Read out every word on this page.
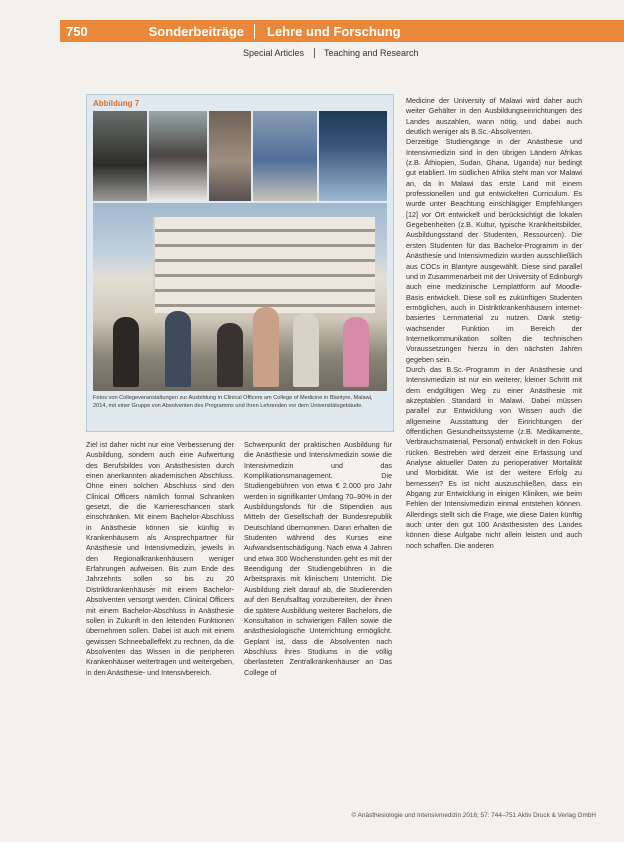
750	Sonderbeiträge	Lehre und Forschung
Special Articles	Teaching and Research
Abbildung 7
Fotos von Collegeveranstaltungen zur Ausbildung in Clinical Officers am College of Medicine in Blantyre, Malawi, 2014, mit einer Gruppe von Absolventen des Programms und ihren Lehrenden vor dem Universitätsgebäude.

Medicine der University of Malawi wird daher auch weiter Gehälter in den Ausbildungseinrichtungen des Landes auszahlen, wann nötig, und dabei auch deutlich weniger als B.Sc.-Absolventen.

Derzeitige Studiengänge in der Anästhesie und Intensivmedizin sind in den übrigen Ländern Afrikas (z.B. Äthiopien, Sudan, Ghana, Uganda) nur bedingt gut etabliert. Im südlichen Afrika steht man vor Malawi an, da in Malawi das erste Land mit einem professionellen und gut entwickelten Curriculum. Es wurde unter Beachtung einschlägiger Empfehlungen [12] vor Ort entwickelt und berücksichtigt die lokalen Gegebenheiten (z.B. Kultur, typische Krankheitsbilder, Ausbildungsstand der Studenten, Ressourcen). Die ersten Studenten für das Bachelor-Programm in der Anästhesie und Intensivmedizin wurden ausschließlich aus COCs in Blantyre ausgewählt. Diese sind parallel und in Zusammenarbeit mit der University of Edinburgh auch eine medizinische Lernplattform auf Moodle-Basis entwickelt. Diese soll es zukünftigen Studenten ermöglichen, auch in Distriktkrankenhäusern internet-basiertes Lernmaterial zu nutzen. Dank stetig-wachsender Funktion im Bereich der Internetkommunikation sollten die technischen Voraussetzungen hierzu in den nächsten Jahren gegeben sein.

Durch das B.Sc.-Programm in der Anästhesie und Intensivmedizin ist nur ein weiterer, kleiner Schritt mit dem endgültigen Weg zu einer Anästhesie mit akzeptablen Standard in Malawi. Dabei müssen parallel zur Entwicklung von Wissen auch die allgemeine Ausstattung der Einrichtungen der öffentlichen Gesundheitssysteme (z.B. Medikamente, Verbrauchsmaterial, Personal) entwickelt in den Fokus rücken. Bestreben wird derzeit eine Erfassung und Analyse aktueller Daten zu perioperativer Mortalität und Morbidität. Wie ist der weitere Erfolg zu bemessen? Es ist nicht auszuschließen, dass ein Abgang zur Entwicklung in einigen Kliniken, wie beim Fehlen der Intensivmedizin einmal entstehen können. Allerdings stellt sich die Frage, wie diese Daten künftig auch unter den gut 100 Anästhesisten des Landes können diese Aufgabe nicht allein leisten und auch noch schaffen. Die anderen

Ziel ist daher nicht nur eine Verbesserung der Ausbildung, sondern auch eine Aufwertung des Berufsbildes von Anästhesisten durch einen anerkannten akademischen Abschluss. Ohne einen solchen Abschluss sind den Clinical Officers nämlich formal Schranken gesetzt, die die Karriereschancen stark einschränken. Mit einem Bachelor-Abschluss in Anästhesie können sie künftig in Krankenhäusern als Ansprechpartner für Anästhesie und Intensivmedizin, jeweils in den Regionalkrankenhäusern weniger Erfahrungen aufweisen. Bis zum Ende des Jahrzehnts sollen so bis zu 20 Distriktkrankenhäuser mit einem Bachelor-Absolventen versorgt werden. Clinical Officers mit einem Bachelor-Abschluss in Anästhesie sollen in Zukunft in den leitenden Funktionen übernehmen sollen. Dabei ist auch mit einem gewissen Schneeballeffekt zu rechnen, da die Absolventen das Wissen in die peripheren Krankenhäuser weitertragen und weitergeben, in den Anästhesie- und Intensivbereich.

Schwerpunkt der praktischen Ausbildung für die Anästhesie und Intensivmedizin sowie die Intensivmedizin und das Komplikationsmanagement. Die Studiengebühren von etwa € 2.000 pro Jahr werden in signifikanter Umfang 70–90% in der Ausbildungsfonds für die Stipendien aus Mitteln der Gesellschaft der Bundesrepublik Deutschland übernommen. Dann erhalten die Studenten während des Kurses eine Aufwandsentschädigung. Nach etwa 4 Jahren und etwa 300 Wochenstunden geht es mit der Beendigung der Studiengebühren in die Arbeitspraxis mit klinischem Unterricht. Die Ausbildung zielt darauf ab, die Studierenden auf den Berufsalltag vorzubereiten, der ihnen die spätere Ausbildung weiterer Bachelors, die Konsultation in schwierigen Fällen sowie die anästhesiologische Unterrichtung ermöglicht. Geplant ist, dass die Absolventen nach Abschluss ihres Studiums in die völlig überlasteten Zentralkrankenhäuser an Das College of

© Anästhesiologie und Intensivmedizin 2016; 57: 744–751 Aktiv Druck & Verlag GmbH
